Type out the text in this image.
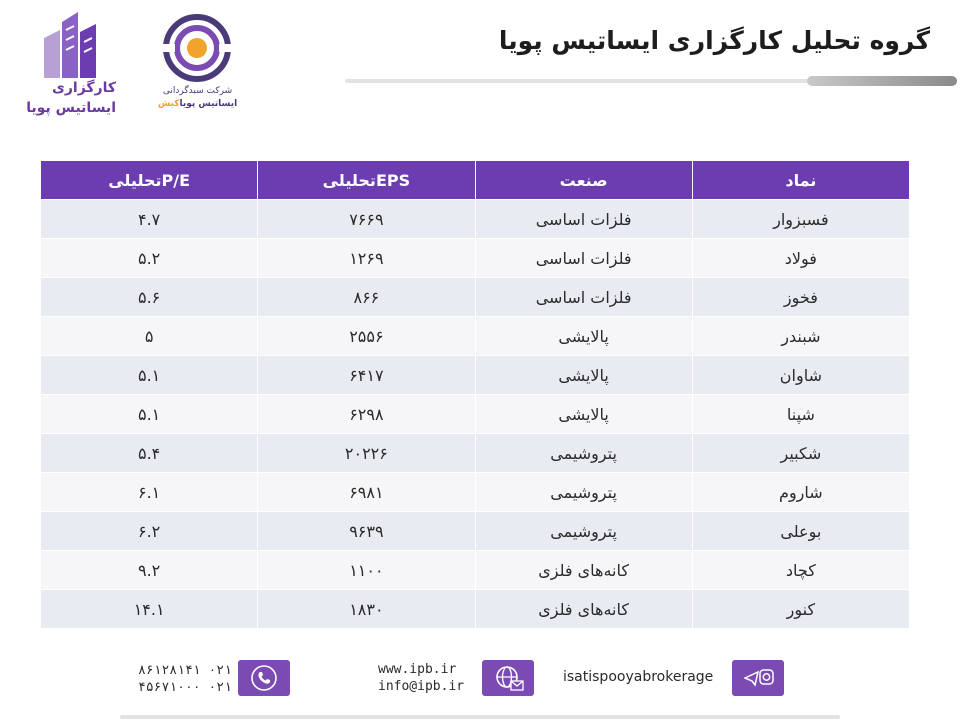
کارگزاری
ایساتیس پویا
شرکت سبدگردانی
ایساتیس پویاکیش
گروه تحلیل کارگزاری ایساتیس پویا
نماد	صنعت	EPSتحلیلی	P/Eتحلیلی
فسبزوار	فلزات اساسی	۷۶۶۹	۴.۷
فولاد	فلزات اساسی	۱۲۶۹	۵.۲
فخوز	فلزات اساسی	۸۶۶	۵.۶
شبندر	پالایشی	۲۵۵۶	۵
شاوان	پالایشی	۶۴۱۷	۵.۱
شپنا	پالایشی	۶۲۹۸	۵.۱
شکبیر	پتروشیمی	۲۰۲۲۶	۵.۴
شاروم	پتروشیمی	۶۹۸۱	۶.۱
بوعلی	پتروشیمی	۹۶۳۹	۶.۲
کچاد	کانه‌های فلزی	۱۱۰۰	۹.۲
کنور	کانه‌های فلزی	۱۸۳۰	۱۴.۱
۰۲۱ ۸۶۱۲۸۱۴۱
۰۲۱ ۴۵۶۷۱۰۰۰
www.ipb.ir
info@ipb.ir
isatispooyabrokerage
